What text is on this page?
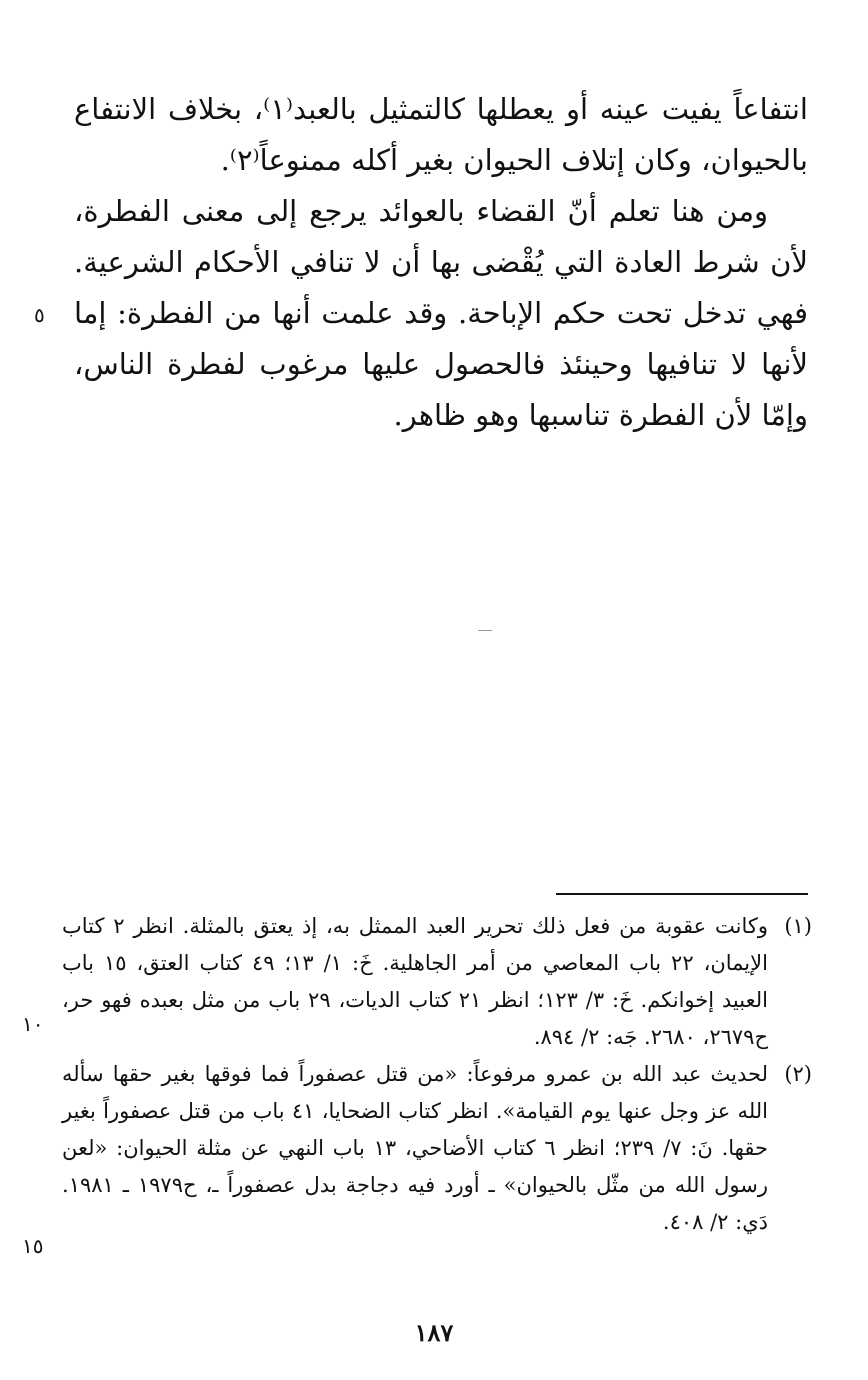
انتفاعاً يفيت عينه أو يعطلها كالتمثيل بالعبد⁽١⁾، بخلاف الانتفاع بالحيوان، وكان إتلاف الحيوان بغير أكله ممنوعاً⁽٢⁾.

ومن هنا تعلم أنّ القضاء بالعوائد يرجع إلى معنى الفطرة، لأن شرط العادة التي يُقْضى بها أن لا تنافي الأحكام الشرعية. فهي تدخل تحت حكم الإباحة. وقد علمت أنها من الفطرة: إما لأنها لا تنافيها وحينئذ فالحصول عليها مرغوب لفطرة الناس، وإمّا لأن الفطرة تناسبها وهو ظاهر.

٥

(١)
وكانت عقوبة من فعل ذلك تحرير العبد الممثل به، إذ يعتق بالمثلة. انظر ٢ كتاب الإيمان، ٢٢ باب المعاصي من أمر الجاهلية. خَ: ١/ ١٣؛ ٤٩ كتاب العتق، ١٥ باب العبيد إخوانكم. خَ: ٣/ ١٢٣؛ انظر ٢١ كتاب الديات، ٢٩ باب من مثل بعبده فهو حر، ح٢٦٧٩، ٢٦٨٠. جَه: ٢/ ٨٩٤.

(٢)
لحديث عبد الله بن عمرو مرفوعاً: «من قتل عصفوراً فما فوقها بغير حقها سأله الله عز وجل عنها يوم القيامة». انظر كتاب الضحايا، ٤١ باب من قتل عصفوراً بغير حقها. نَ: ٧/ ٢٣٩؛ انظر ٦ كتاب الأضاحي، ١٣ باب النهي عن مثلة الحيوان: «لعن رسول الله من مثّل بالحيوان» ـ أورد فيه دجاجة بدل عصفوراً ـ، ح١٩٧٩ ـ ١٩٨١. دَي: ٢/ ٤٠٨.

١٠
١٥
١٨٧
